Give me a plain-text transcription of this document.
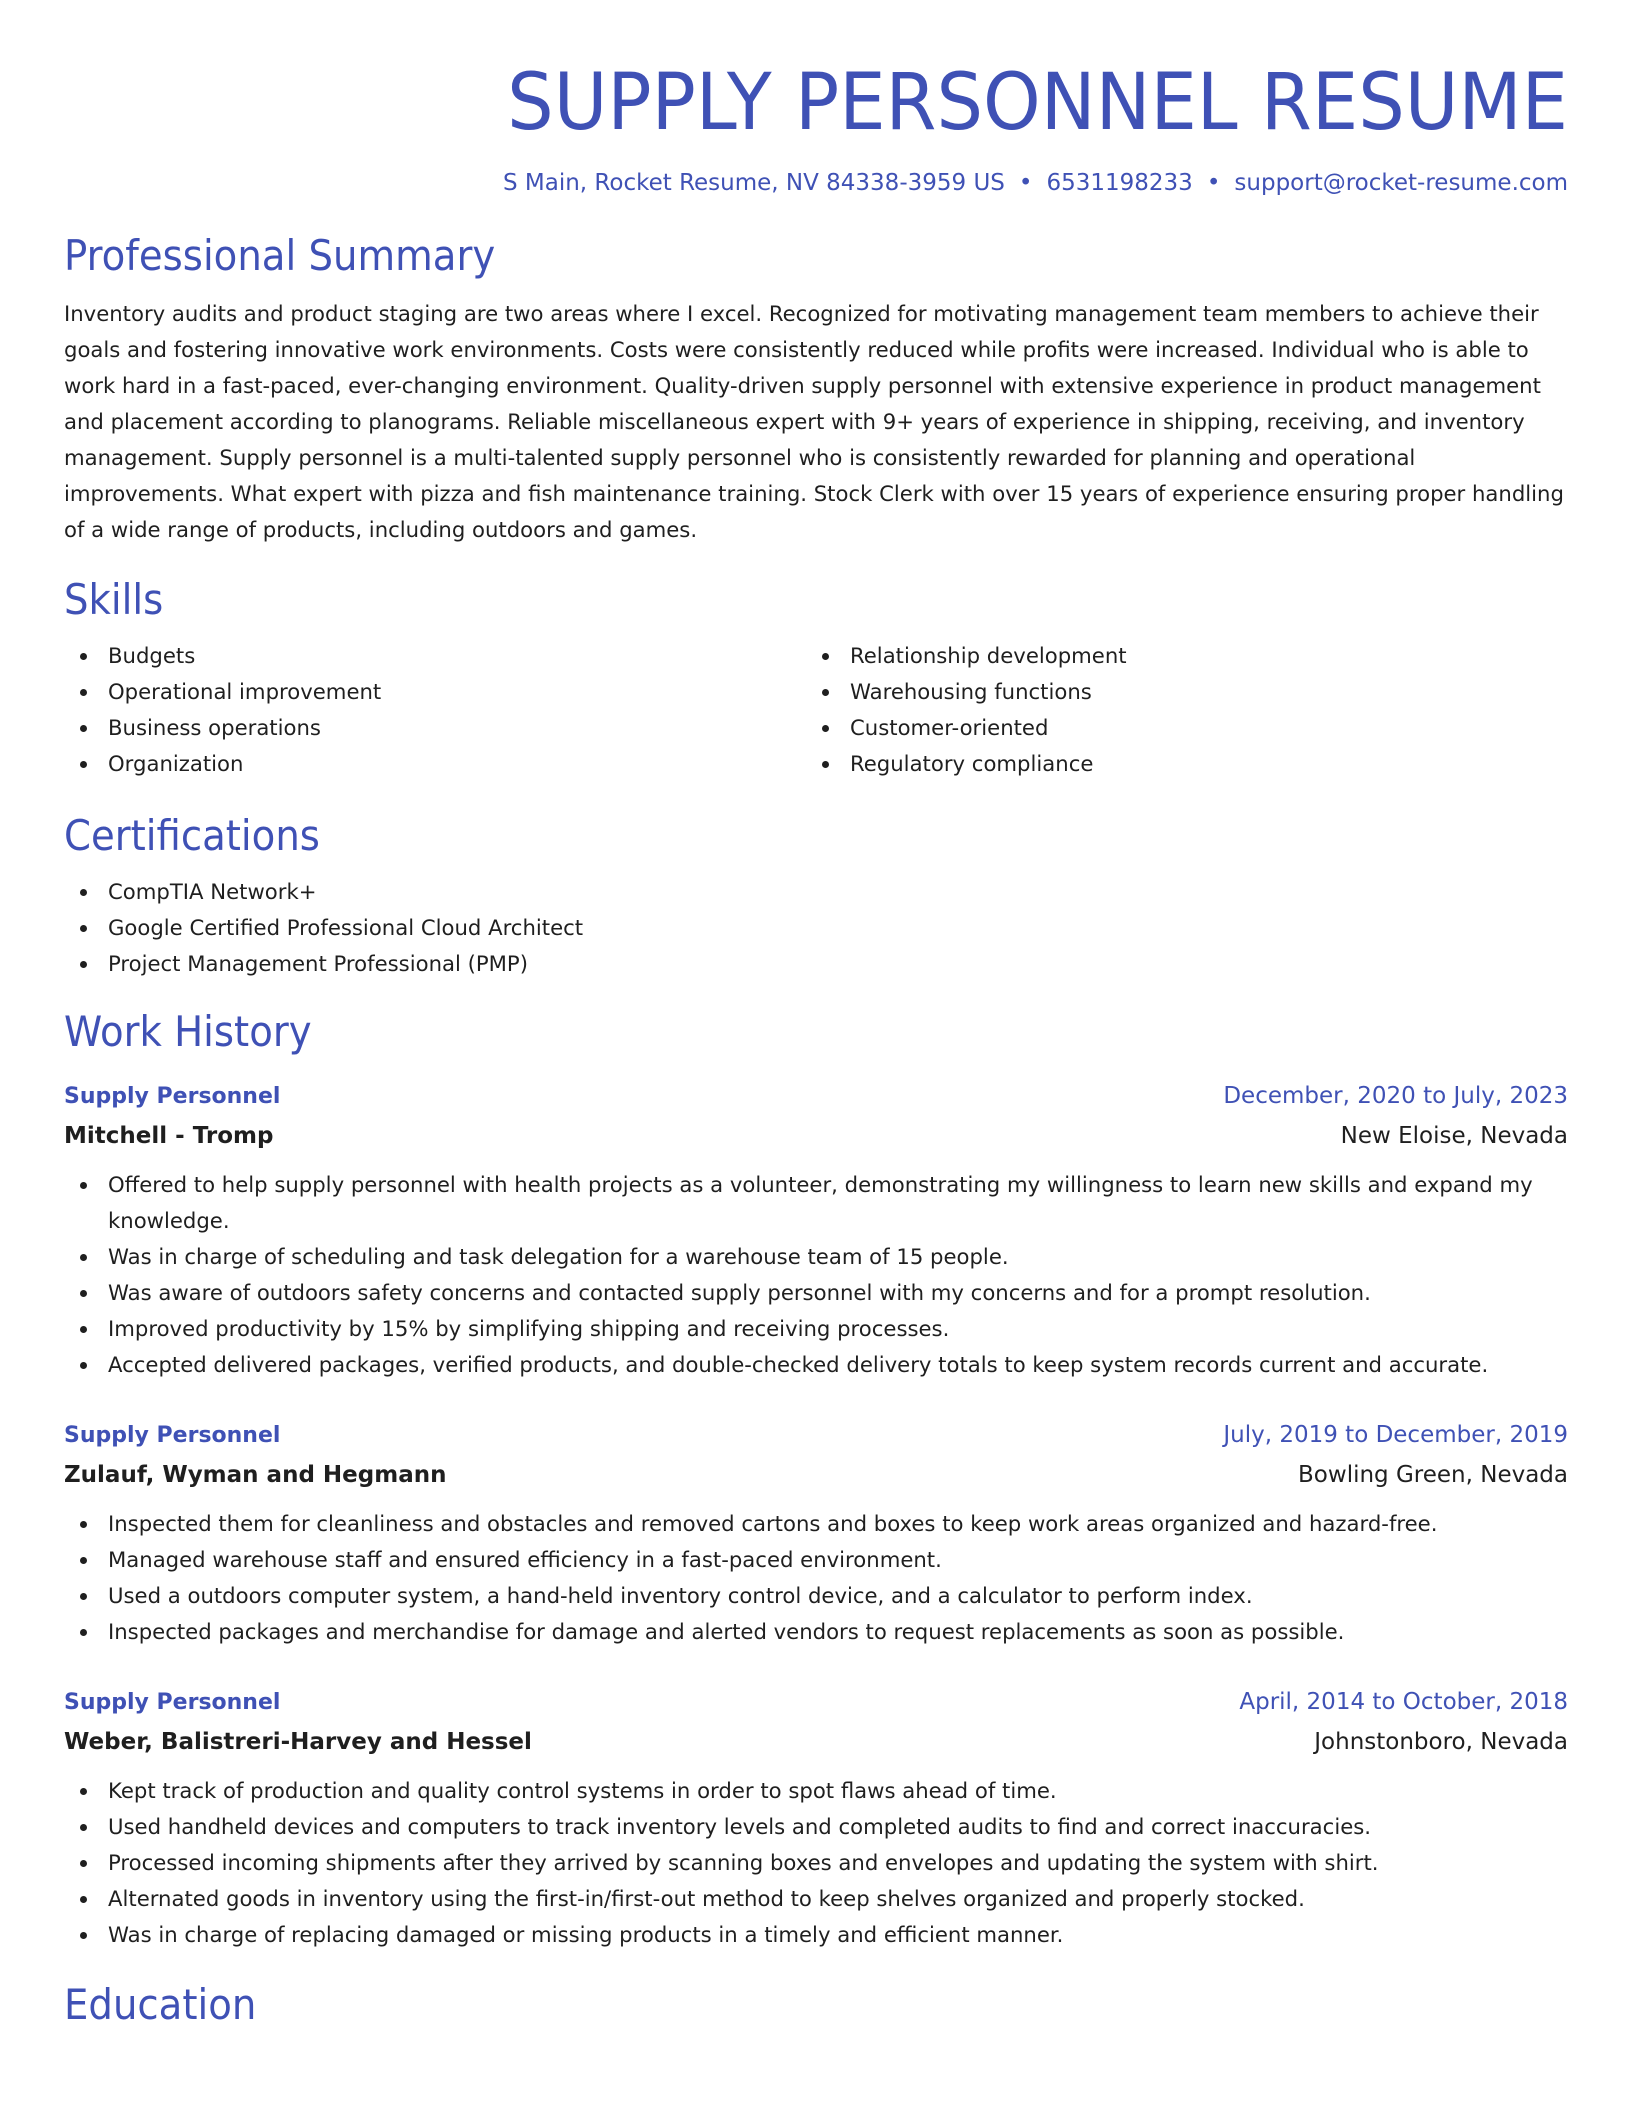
SUPPLY PERSONNEL RESUME
S Main, Rocket Resume, NV 84338-3959 US • 6531198233 • support@rocket-resume.com
Professional Summary
Inventory audits and product staging are two areas where I excel. Recognized for motivating management team members to achieve their goals and fostering innovative work environments. Costs were consistently reduced while profits were increased. Individual who is able to work hard in a fast-paced, ever-changing environment. Quality-driven supply personnel with extensive experience in product management and placement according to planograms. Reliable miscellaneous expert with 9+ years of experience in shipping, receiving, and inventory management. Supply personnel is a multi-talented supply personnel who is consistently rewarded for planning and operational improvements. What expert with pizza and fish maintenance training. Stock Clerk with over 15 years of experience ensuring proper handling of a wide range of products, including outdoors and games.
Skills
Budgets
Operational improvement
Business operations
Organization
Relationship development
Warehousing functions
Customer-oriented
Regulatory compliance
Certifications
CompTIA Network+
Google Certified Professional Cloud Architect
Project Management Professional (PMP)
Work History
Supply Personnel	December, 2020 to July, 2023
Mitchell - Tromp	New Eloise, Nevada
Offered to help supply personnel with health projects as a volunteer, demonstrating my willingness to learn new skills and expand my knowledge.
Was in charge of scheduling and task delegation for a warehouse team of 15 people.
Was aware of outdoors safety concerns and contacted supply personnel with my concerns and for a prompt resolution.
Improved productivity by 15% by simplifying shipping and receiving processes.
Accepted delivered packages, verified products, and double-checked delivery totals to keep system records current and accurate.
Supply Personnel	July, 2019 to December, 2019
Zulauf, Wyman and Hegmann	Bowling Green, Nevada
Inspected them for cleanliness and obstacles and removed cartons and boxes to keep work areas organized and hazard-free.
Managed warehouse staff and ensured efficiency in a fast-paced environment.
Used a outdoors computer system, a hand-held inventory control device, and a calculator to perform index.
Inspected packages and merchandise for damage and alerted vendors to request replacements as soon as possible.
Supply Personnel	April, 2014 to October, 2018
Weber, Balistreri-Harvey and Hessel	Johnstonboro, Nevada
Kept track of production and quality control systems in order to spot flaws ahead of time.
Used handheld devices and computers to track inventory levels and completed audits to find and correct inaccuracies.
Processed incoming shipments after they arrived by scanning boxes and envelopes and updating the system with shirt.
Alternated goods in inventory using the first-in/first-out method to keep shelves organized and properly stocked.
Was in charge of replacing damaged or missing products in a timely and efficient manner.
Education
